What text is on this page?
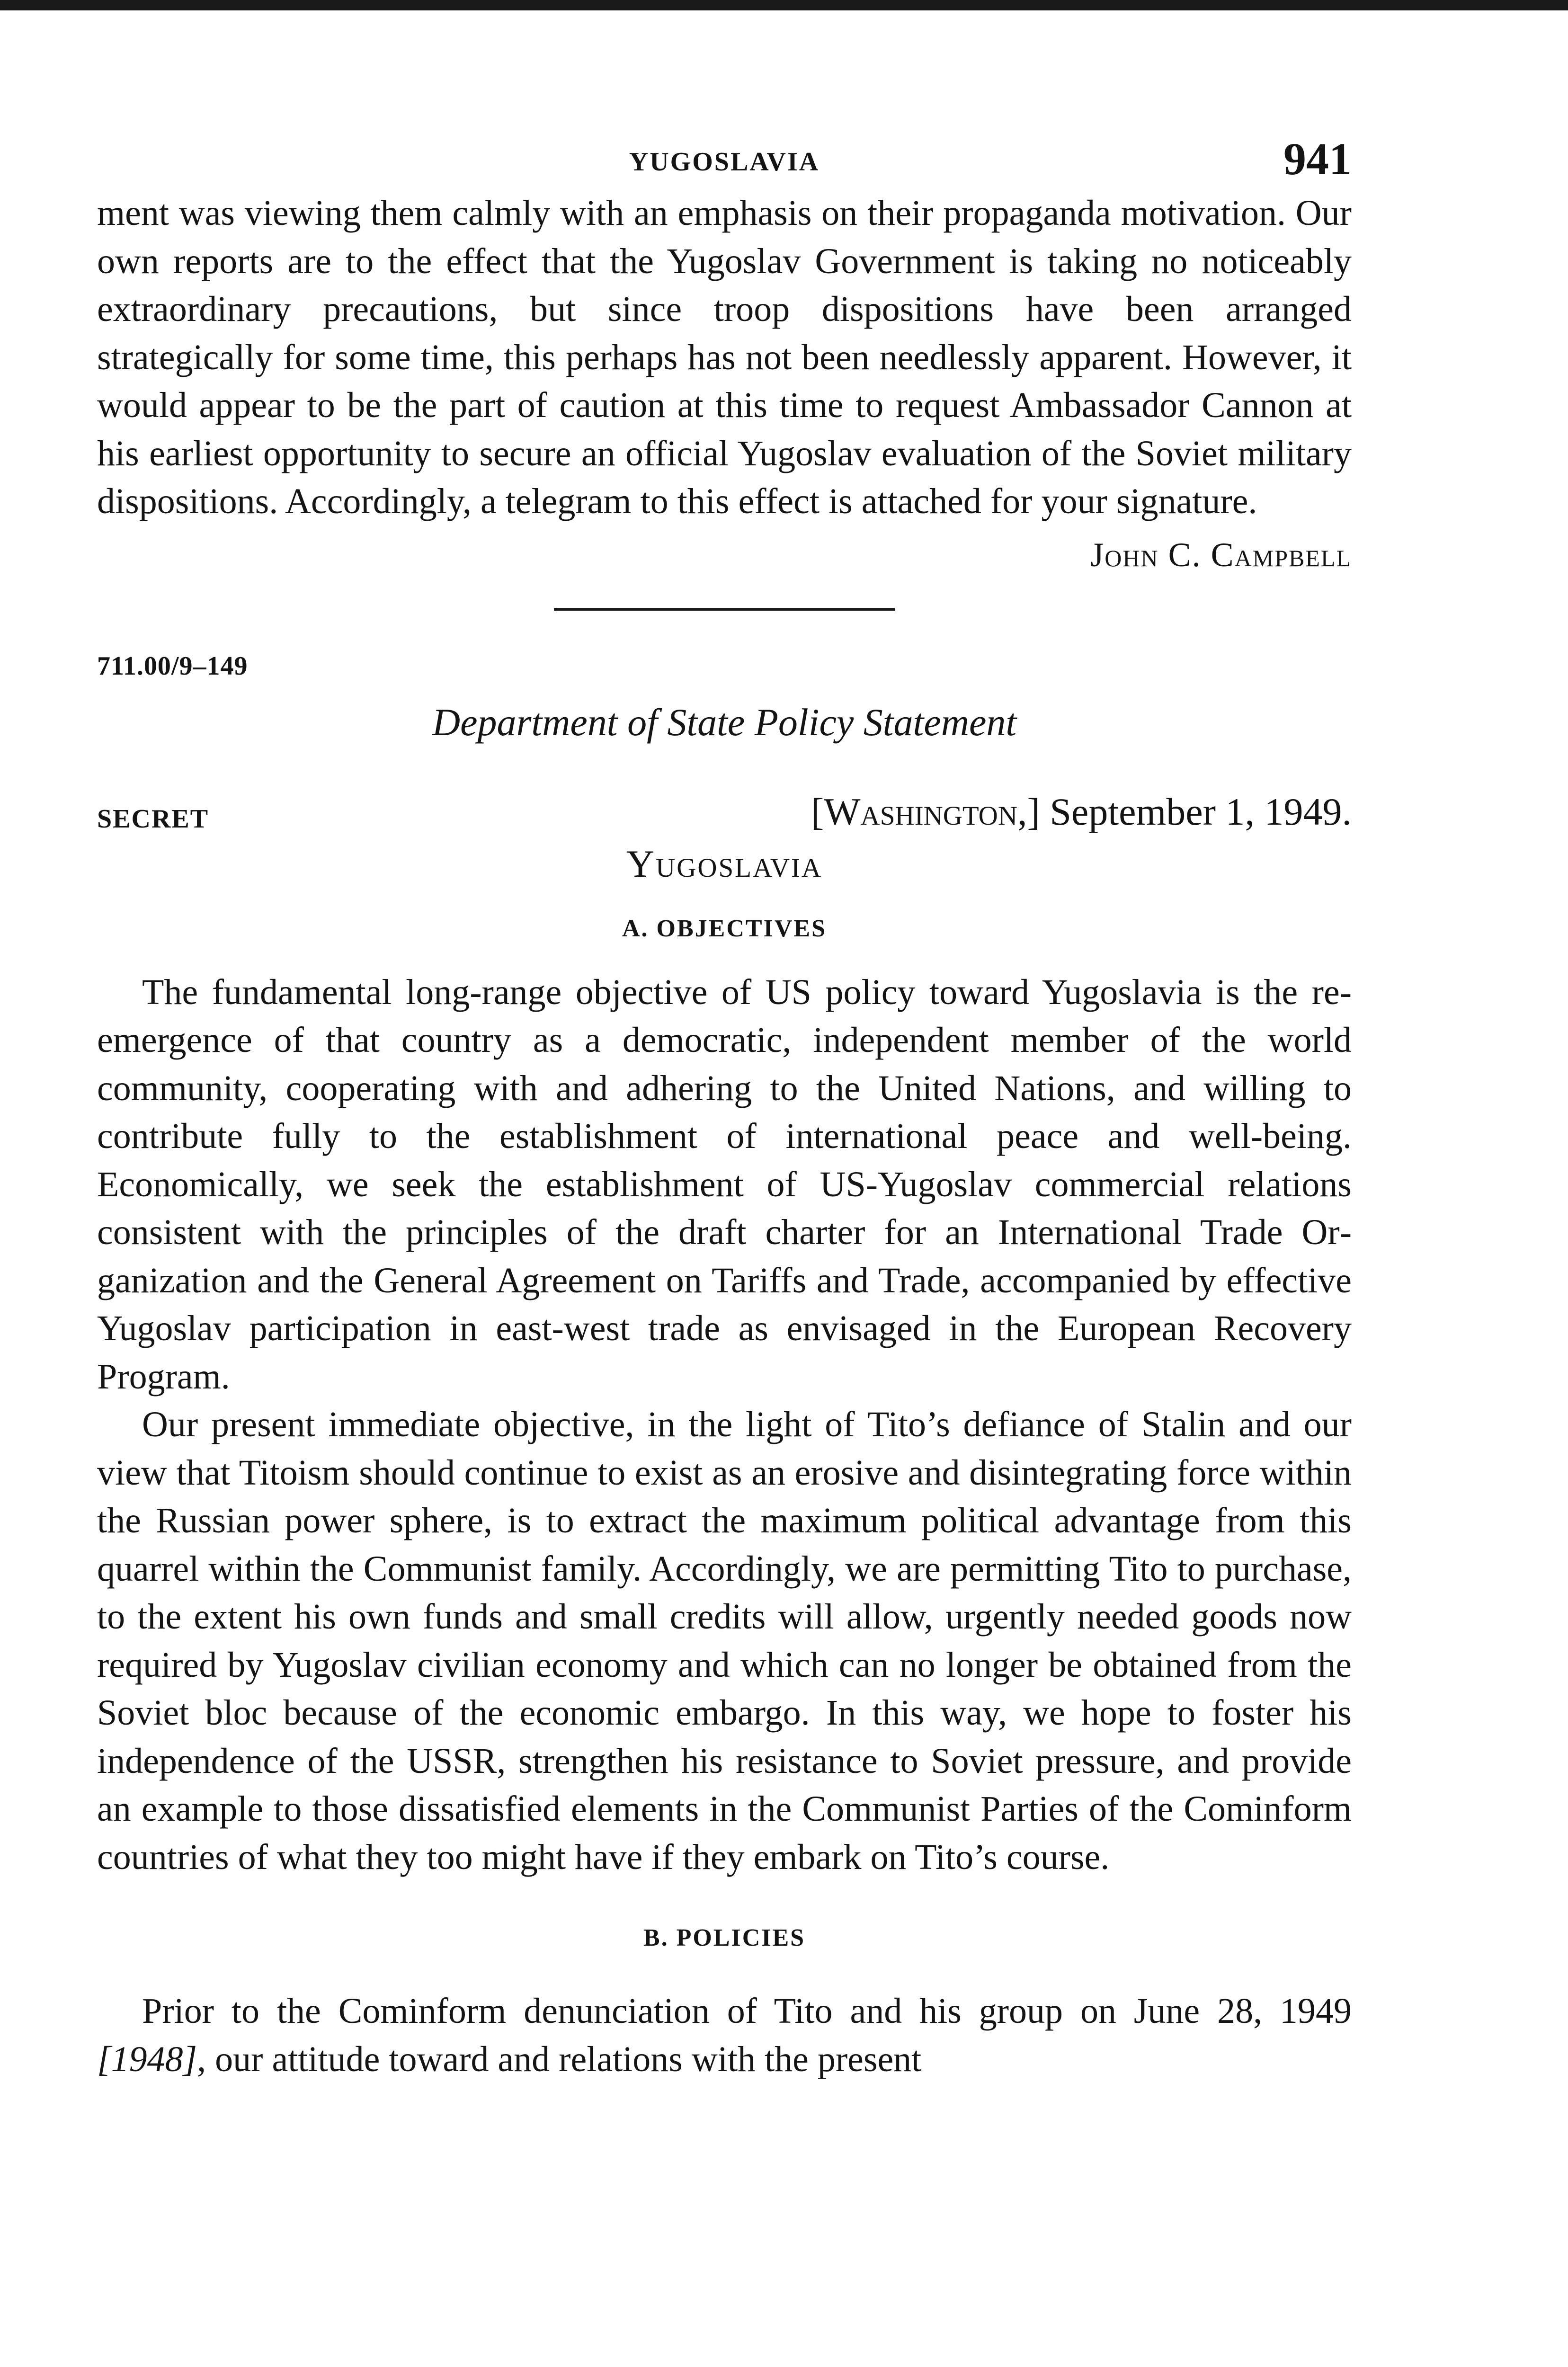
YUGOSLAVIA	941

ment was viewing them calmly with an emphasis on their propaganda motivation. Our own reports are to the effect that the Yugoslav Government is taking no noticeably extraordinary precautions, but since troop dispositions have been arranged strategically for some time, this perhaps has not been needlessly apparent. However, it would appear to be the part of caution at this time to request Ambassador Cannon at his earliest opportunity to secure an official Yugoslav evaluation of the Soviet military dispositions. Accordingly, a telegram to this effect is attached for your signature.

John C. Campbell
711.00/9–149
Department of State Policy Statement
SECRET	[Washington,] September 1, 1949.
Yugoslavia
A. OBJECTIVES

The fundamental long-range objective of US policy toward Yugoslavia is the re-emergence of that country as a democratic, independent member of the world community, cooperating with and adhering to the United Nations, and willing to contribute fully to the establishment of international peace and well-being. Economically, we seek the establishment of US-Yugoslav commercial relations consistent with the principles of the draft charter for an International Trade Organization and the General Agreement on Tariffs and Trade, accompanied by effective Yugoslav participation in east-west trade as envisaged in the European Recovery Program.

Our present immediate objective, in the light of Tito’s defiance of Stalin and our view that Titoism should continue to exist as an erosive and disintegrating force within the Russian power sphere, is to extract the maximum political advantage from this quarrel within the Communist family. Accordingly, we are permitting Tito to purchase, to the extent his own funds and small credits will allow, urgently needed goods now required by Yugoslav civilian economy and which can no longer be obtained from the Soviet bloc because of the economic embargo. In this way, we hope to foster his independence of the USSR, strengthen his resistance to Soviet pressure, and provide an example to those dissatisfied elements in the Communist Parties of the Cominform countries of what they too might have if they embark on Tito’s course.

B. POLICIES

Prior to the Cominform denunciation of Tito and his group on June 28, 1949 [1948], our attitude toward and relations with the present
